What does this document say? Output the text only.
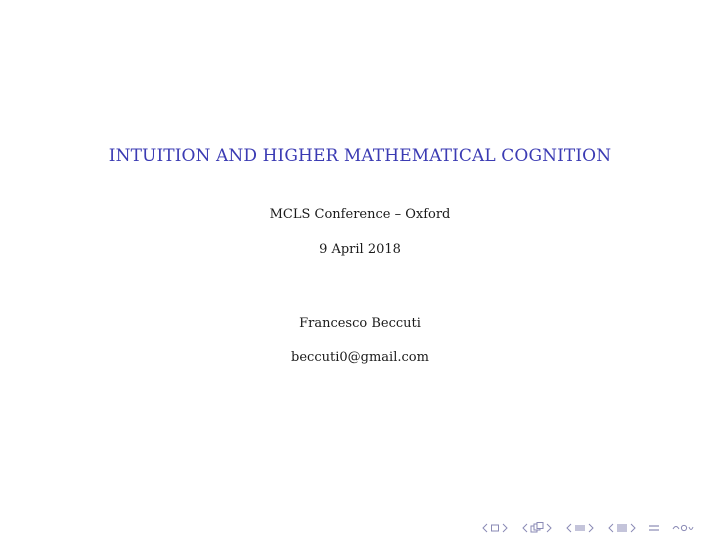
INTUITION AND HIGHER MATHEMATICAL COGNITION
MCLS Conference – Oxford
9 April 2018
Francesco Beccuti
beccuti0@gmail.com
